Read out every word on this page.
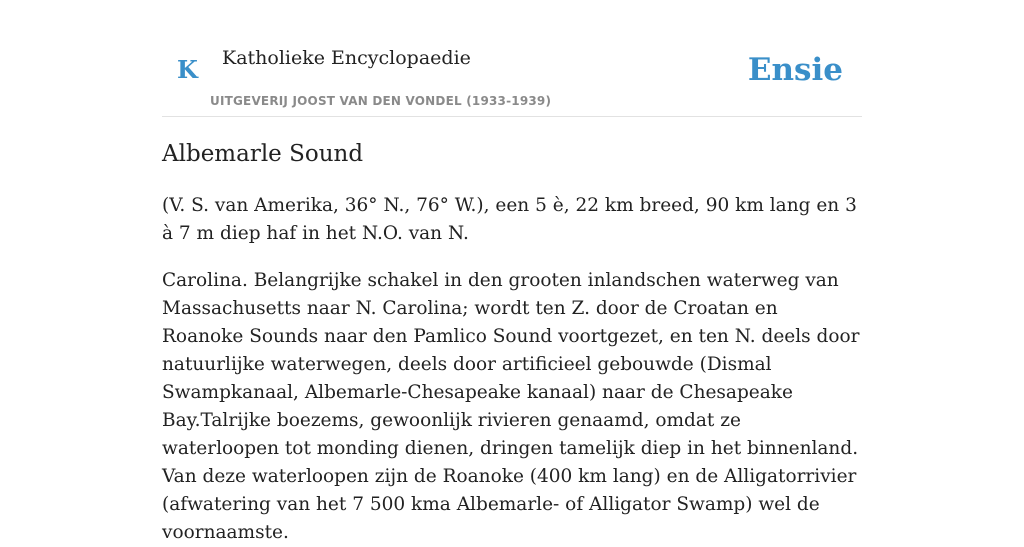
K Katholieke Encyclopaedie
UITGEVERIJ JOOST VAN DEN VONDEL (1933-1939)
Ensie
Albemarle Sound

(V. S. van Amerika, 36° N., 76° W.), een 5 è, 22 km breed, 90 km lang en 3 à 7 m diep haf in het N.O. van N.

Carolina. Belangrijke schakel in den grooten inlandschen waterweg van Massachusetts naar N. Carolina; wordt ten Z. door de Croatan en Roanoke Sounds naar den Pamlico Sound voortgezet, en ten N. deels door natuurlijke waterwegen, deels door artificieel gebouwde (Dismal Swampkanaal, Albemarle-Chesapeake kanaal) naar de Chesapeake Bay.Talrijke boezems, gewoonlijk rivieren genaamd, omdat ze waterloopen tot monding dienen, dringen tamelijk diep in het binnenland. Van deze waterloopen zijn de Roanoke (400 km lang) en de Alligatorrivier (afwatering van het 7 500 kma Albemarle- of Alligator Swamp) wel de voornaamste.
